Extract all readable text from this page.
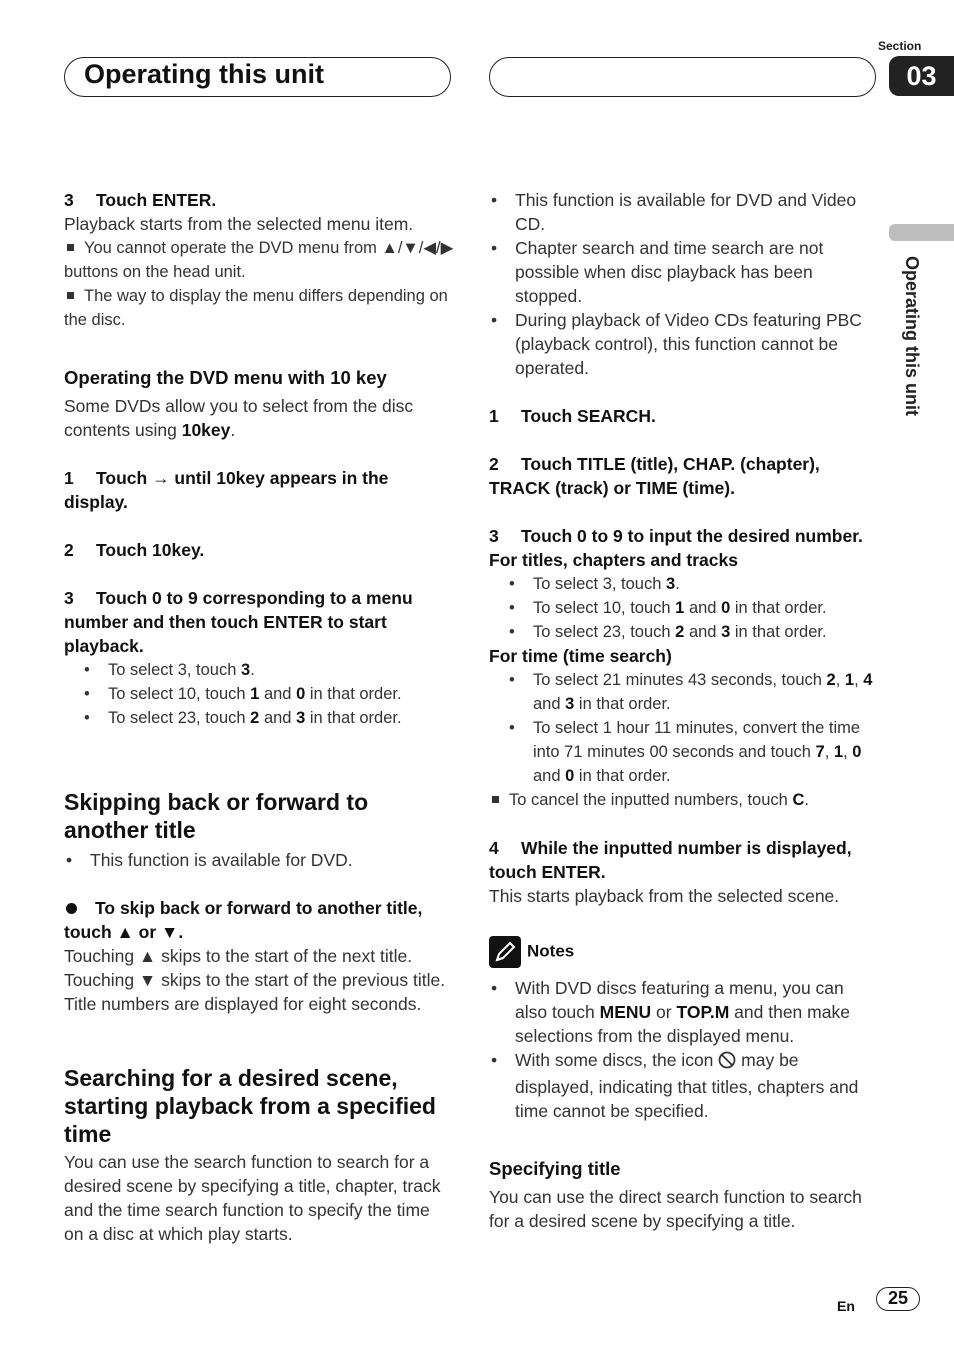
Operating this unit
Section
03
Operating this unit

3 Touch ENTER.

Playback starts from the selected menu item.

You cannot operate the DVD menu from ▲/▼/◀/▶ buttons on the head unit.

The way to display the menu differs depending on the disc.

Operating the DVD menu with 10 key

Some DVDs allow you to select from the disc contents using 10key.

1 Touch → until 10key appears in the display.

2 Touch 10key.

3 Touch 0 to 9 corresponding to a menu number and then touch ENTER to start playback.

• To select 3, touch 3.
• To select 10, touch 1 and 0 in that order.
• To select 23, touch 2 and 3 in that order.

Skipping back or forward to another title

• This function is available for DVD.

To skip back or forward to another title, touch ▲ or ▼.

Touching ▲ skips to the start of the next title. Touching ▼ skips to the start of the previous title.

Title numbers are displayed for eight seconds.

Searching for a desired scene, starting playback from a specified time

You can use the search function to search for a desired scene by specifying a title, chapter, track and the time search function to specify the time on a disc at which play starts.

• This function is available for DVD and Video CD.
• Chapter search and time search are not possible when disc playback has been stopped.
• During playback of Video CDs featuring PBC (playback control), this function cannot be operated.

1 Touch SEARCH.

2 Touch TITLE (title), CHAP. (chapter), TRACK (track) or TIME (time).

3 Touch 0 to 9 to input the desired number.

For titles, chapters and tracks

• To select 3, touch 3.
• To select 10, touch 1 and 0 in that order.
• To select 23, touch 2 and 3 in that order.

For time (time search)

• To select 21 minutes 43 seconds, touch 2, 1, 4 and 3 in that order.
• To select 1 hour 11 minutes, convert the time into 71 minutes 00 seconds and touch 7, 1, 0 and 0 in that order.

To cancel the inputted numbers, touch C.

4 While the inputted number is displayed, touch ENTER.

This starts playback from the selected scene.

Notes

• With DVD discs featuring a menu, you can also touch MENU or TOP.M and then make selections from the displayed menu.
• With some discs, the icon  may be displayed, indicating that titles, chapters and time cannot be specified.

Specifying title

You can use the direct search function to search for a desired scene by specifying a title.

En	25
